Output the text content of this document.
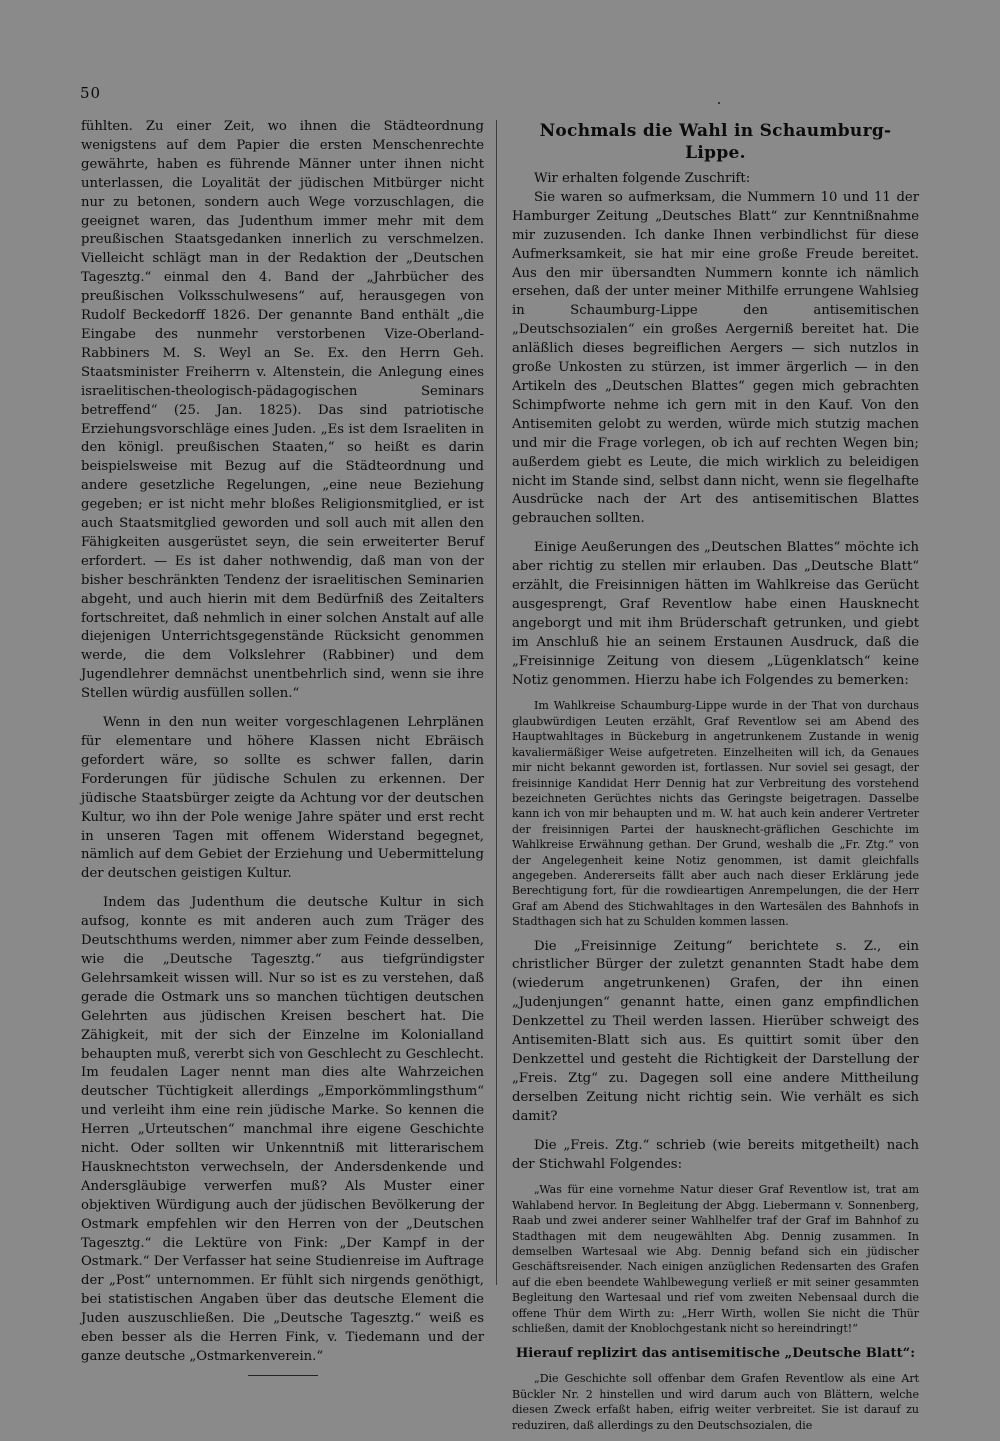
50

fühlten. Zu einer Zeit, wo ihnen die Städteordnung wenigstens auf dem Papier die ersten Menschenrechte gewährte, haben es führende Männer unter ihnen nicht unterlassen, die Loyalität der jüdischen Mitbürger nicht nur zu betonen, sondern auch Wege vorzuschlagen, die geeignet waren, das Judenthum immer mehr mit dem preußischen Staatsgedanken innerlich zu verschmelzen. Vielleicht schlägt man in der Redaktion der „Deutschen Tagesztg.“ einmal den 4. Band der „Jahrbücher des preußischen Volksschulwesens“ auf, herausgegen von Rudolf Beckedorff 1826. Der genannte Band enthält „die Eingabe des nunmehr verstorbenen Vize-Oberland-Rabbiners M. S. Weyl an Se. Ex. den Herrn Geh. Staatsminister Freiherrn v. Altenstein, die Anlegung eines israelitischen-theologisch-pädagogischen Seminars betreffend“ (25. Jan. 1825). Das sind patriotische Erziehungsvorschläge eines Juden. „Es ist dem Israeliten in den königl. preußischen Staaten,“ so heißt es darin beispielsweise mit Bezug auf die Städteordnung und andere gesetzliche Regelungen, „eine neue Beziehung gegeben; er ist nicht mehr bloßes Religionsmitglied, er ist auch Staatsmitglied geworden und soll auch mit allen den Fähigkeiten ausgerüstet seyn, die sein erweiterter Beruf erfordert. — Es ist daher nothwendig, daß man von der bisher beschränkten Tendenz der israelitischen Seminarien abgeht, und auch hierin mit dem Bedürfniß des Zeitalters fortschreitet, daß nehmlich in einer solchen Anstalt auf alle diejenigen Unterrichtsgegenstände Rücksicht genommen werde, die dem Volkslehrer (Rabbiner) und dem Jugendlehrer demnächst unentbehrlich sind, wenn sie ihre Stellen würdig ausfüllen sollen.“

Wenn in den nun weiter vorgeschlagenen Lehrplänen für elementare und höhere Klassen nicht Ebräisch gefordert wäre, so sollte es schwer fallen, darin Forderungen für jüdische Schulen zu erkennen. Der jüdische Staatsbürger zeigte da Achtung vor der deutschen Kultur, wo ihn der Pole wenige Jahre später und erst recht in unseren Tagen mit offenem Widerstand begegnet, nämlich auf dem Gebiet der Erziehung und Uebermittelung der deutschen geistigen Kultur.

Indem das Judenthum die deutsche Kultur in sich aufsog, konnte es mit anderen auch zum Träger des Deutschthums werden, nimmer aber zum Feinde desselben, wie die „Deutsche Tagesztg.“ aus tiefgründigster Gelehrsamkeit wissen will. Nur so ist es zu verstehen, daß gerade die Ostmark uns so manchen tüchtigen deutschen Gelehrten aus jüdischen Kreisen beschert hat. Die Zähigkeit, mit der sich der Einzelne im Kolonialland behaupten muß, vererbt sich von Geschlecht zu Geschlecht. Im feudalen Lager nennt man dies alte Wahrzeichen deutscher Tüchtigkeit allerdings „Emporkömmlingsthum“ und verleiht ihm eine rein jüdische Marke. So kennen die Herren „Urteutschen“ manchmal ihre eigene Geschichte nicht. Oder sollten wir Unkenntniß mit litterarischem Hausknechtston verwechseln, der Andersdenkende und Andersgläubige verwerfen muß? Als Muster einer objektiven Würdigung auch der jüdischen Bevölkerung der Ostmark empfehlen wir den Herren von der „Deutschen Tagesztg.“ die Lektüre von Fink: „Der Kampf in der Ostmark.“ Der Verfasser hat seine Studienreise im Auftrage der „Post“ unternommen. Er fühlt sich nirgends genöthigt, bei statistischen Angaben über das deutsche Element die Juden auszuschließen. Die „Deutsche Tagesztg.“ weiß es eben besser als die Herren Fink, v. Tiedemann und der ganze deutsche „Ostmarkenverein.“

Nochmals die Wahl in Schaumburg-Lippe.

Wir erhalten folgende Zuschrift:

Sie waren so aufmerksam, die Nummern 10 und 11 der Hamburger Zeitung „Deutsches Blatt“ zur Kenntnißnahme mir zuzusenden. Ich danke Ihnen verbindlichst für diese Aufmerksamkeit, sie hat mir eine große Freude bereitet. Aus den mir übersandten Nummern konnte ich nämlich ersehen, daß der unter meiner Mithilfe errungene Wahlsieg in Schaumburg-Lippe den antisemitischen „Deutschsozialen“ ein großes Aergerniß bereitet hat. Die anläßlich dieses begreiflichen Aergers — sich nutzlos in große Unkosten zu stürzen, ist immer ärgerlich — in den Artikeln des „Deutschen Blattes“ gegen mich gebrachten Schimpfworte nehme ich gern mit in den Kauf. Von den Antisemiten gelobt zu werden, würde mich stutzig machen und mir die Frage vorlegen, ob ich auf rechten Wegen bin; außerdem giebt es Leute, die mich wirklich zu beleidigen nicht im Stande sind, selbst dann nicht, wenn sie flegelhafte Ausdrücke nach der Art des antisemitischen Blattes gebrauchen sollten.

Einige Aeußerungen des „Deutschen Blattes“ möchte ich aber richtig zu stellen mir erlauben. Das „Deutsche Blatt“ erzählt, die Freisinnigen hätten im Wahlkreise das Gerücht ausgesprengt, Graf Reventlow habe einen Hausknecht angeborgt und mit ihm Brüderschaft getrunken, und giebt im Anschluß hie an seinem Erstaunen Ausdruck, daß die „Freisinnige Zeitung von diesem „Lügenklatsch“ keine Notiz genommen. Hierzu habe ich Folgendes zu bemerken:

Im Wahlkreise Schaumburg-Lippe wurde in der That von durchaus glaubwürdigen Leuten erzählt, Graf Reventlow sei am Abend des Hauptwahltages in Bückeburg in angetrunkenem Zustande in wenig kavaliermäßiger Weise aufgetreten. Einzelheiten will ich, da Genaues mir nicht bekannt geworden ist, fortlassen. Nur soviel sei gesagt, der freisinnige Kandidat Herr Dennig hat zur Verbreitung des vorstehend bezeichneten Gerüchtes nichts das Geringste beigetragen. Dasselbe kann ich von mir behaupten und m. W. hat auch kein anderer Vertreter der freisinnigen Partei der hausknecht-gräflichen Geschichte im Wahlkreise Erwähnung gethan. Der Grund, weshalb die „Fr. Ztg.“ von der Angelegenheit keine Notiz genommen, ist damit gleichfalls angegeben. Andererseits fällt aber auch nach dieser Erklärung jede Berechtigung fort, für die rowdieartigen Anrempelungen, die der Herr Graf am Abend des Stichwahltages in den Wartesälen des Bahnhofs in Stadthagen sich hat zu Schulden kommen lassen.

Die „Freisinnige Zeitung“ berichtete s. Z., ein christlicher Bürger der zuletzt genannten Stadt habe dem (wiederum angetrunkenen) Grafen, der ihn einen „Judenjungen“ genannt hatte, einen ganz empfindlichen Denkzettel zu Theil werden lassen. Hierüber schweigt des Antisemiten-Blatt sich aus. Es quittirt somit über den Denkzettel und gesteht die Richtigkeit der Darstellung der „Freis. Ztg“ zu. Dagegen soll eine andere Mittheilung derselben Zeitung nicht richtig sein. Wie verhält es sich damit?

Die „Freis. Ztg.“ schrieb (wie bereits mitgetheilt) nach der Stichwahl Folgendes:

„Was für eine vornehme Natur dieser Graf Reventlow ist, trat am Wahlabend hervor. In Begleitung der Abgg. Liebermann v. Sonnenberg, Raab und zwei anderer seiner Wahlhelfer traf der Graf im Bahnhof zu Stadthagen mit dem neugewählten Abg. Dennig zusammen. In demselben Wartesaal wie Abg. Dennig befand sich ein jüdischer Geschäftsreisender. Nach einigen anzüglichen Redensarten des Grafen auf die eben beendete Wahlbewegung verließ er mit seiner gesammten Begleitung den Wartesaal und rief vom zweiten Nebensaal durch die offene Thür dem Wirth zu: „Herr Wirth, wollen Sie nicht die Thür schließen, damit der Knoblochgestank nicht so hereindringt!“

Hierauf replizirt das antisemitische „Deutsche Blatt“:

„Die Geschichte soll offenbar dem Grafen Reventlow als eine Art Bückler Nr. 2 hinstellen und wird darum auch von Blättern, welche diesen Zweck erfaßt haben, eifrig weiter verbreitet. Sie ist darauf zu reduziren, daß allerdings zu den Deutschsozialen, die
